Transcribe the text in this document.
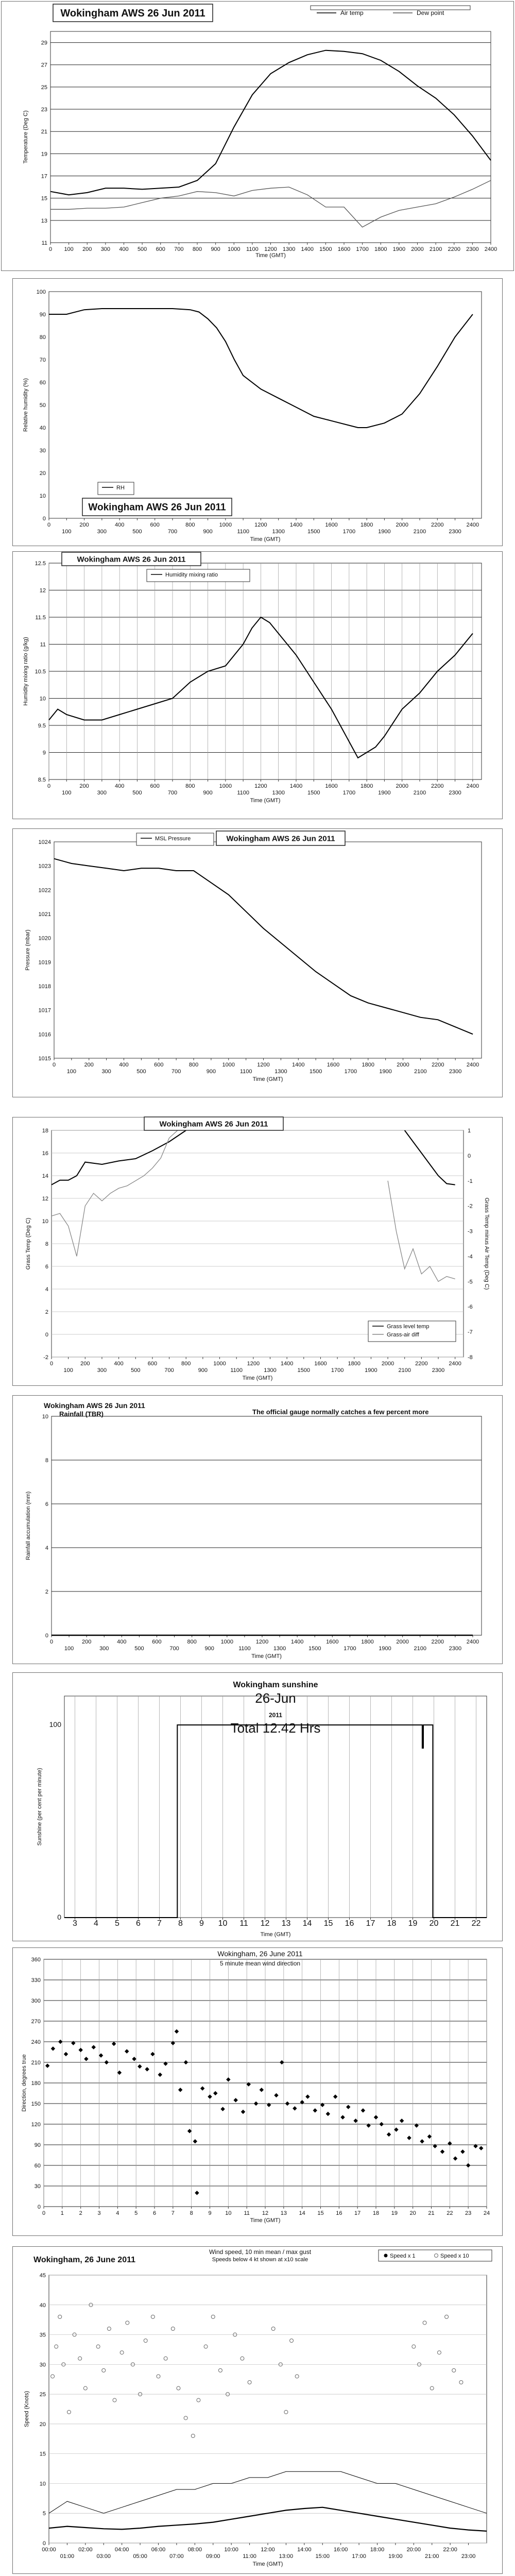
11
13
15
17
19
21
23
25
27
29
0 100 200 300 400 500 600 700 800 900 1000 1100 1200 1300 1400 1500 1600 1700 1800 1900 2000 2100 2200 2300 2400
Time (GMT)
Temperature (Deg C)
Wokingham AWS 26 Jun 2011	Air temp	Dew point
0
10
20
30
40
50
60
70
80
90
100
0	200	400	600	800	1000	1200	1400	1600	1800	2000	2200	2400
100	300	500	700	900	1100	1300	1500	1700	1900	2100	2300
Time (GMT)
Relative humidity (%)
RH
Wokingham AWS 26 Jun 2011
8.5
9
9.5
10
10.5
11
11.5
12
12.5
0	200	400	600	800	1000	1200	1400	1600	1800	2000	2200	2400
100	300	500	700	900	1100	1300	1500	1700	1900	2100	2300
Time (GMT)
Humidity mixing ratio (g/kg)
Wokingham AWS 26 Jun 2011
Humidity mixing ratio
1015
1016
1017
1018
1019
1020
1021
1022
1023
1024
0	200	400	600	800	1000	1200	1400	1600	1800	2000	2200	2400
100	300	500	700	900	1100	1300	1500	1700	1900	2100	2300
Time (GMT)
Pressure (mbar)
MSL Pressure	Wokingham AWS 26 Jun 2011
-2
0
2
4
6
8
10
12
14
16
18
0	200	400	600	800	1000	1200	1400	1600	1800	2000	2200	2400
100	300	500	700	900	1100	1300	1500	1700	1900	2100	2300
Time (GMT)
Grass Temp (Deg C)
-8
-7
-6
-5
-4
-3
-2
-1
0
1
Grass Temp minus Air Temp (Deg C)
Wokingham AWS 26 Jun 2011
Grass level temp
Grass-air diff
0
2
4
6
8
10
0	200	400	600	800	1000	1200	1400	1600	1800	2000	2200	2400
100	300	500	700	900	1100	1300	1500	1700	1900	2100	2300
Time (GMT)
Rainfall accumulation (mm)
Wokingham AWS 26 Jun 2011
Rainfall (TBR)	The official gauge normally catches a few percent more
0
100
3 4 5 6 7 8 9 10 11 12 13 14 15 16 17 18 19 20 21 22
Time (GMT)
Sunshine (per cent per minute)
Wokingham sunshine
26-Jun
2011
Total 12.42 Hrs
0
30
60
90
120
150
180
210
240
270
300
330
360
0	1	2	3	4	5	6	7	8	9 10 11 12 13 14 15 16 17 18 19 20 21 22 23 24
Time (GMT)
Direction, degrees true
Wokingham, 26 June 2011
5 minute mean wind direction
0
5
10
15
20
25
30
35
40
45
00:00	02:00	04:00	06:00	08:00	10:00	12:00	14:00	16:00	18:00	20:00	22:00
01:00	03:00	05:00	07:00	09:00	11:00	13:00	15:00	17:00	19:00	21:00	23:00
Time (GMT)
Speed (Knots)
Wokingham, 26 June 2011
Wind speed, 10 min mean / max gust
Speeds below 4 kt shown at x10 scale
Speed x 1	Speed x 10
